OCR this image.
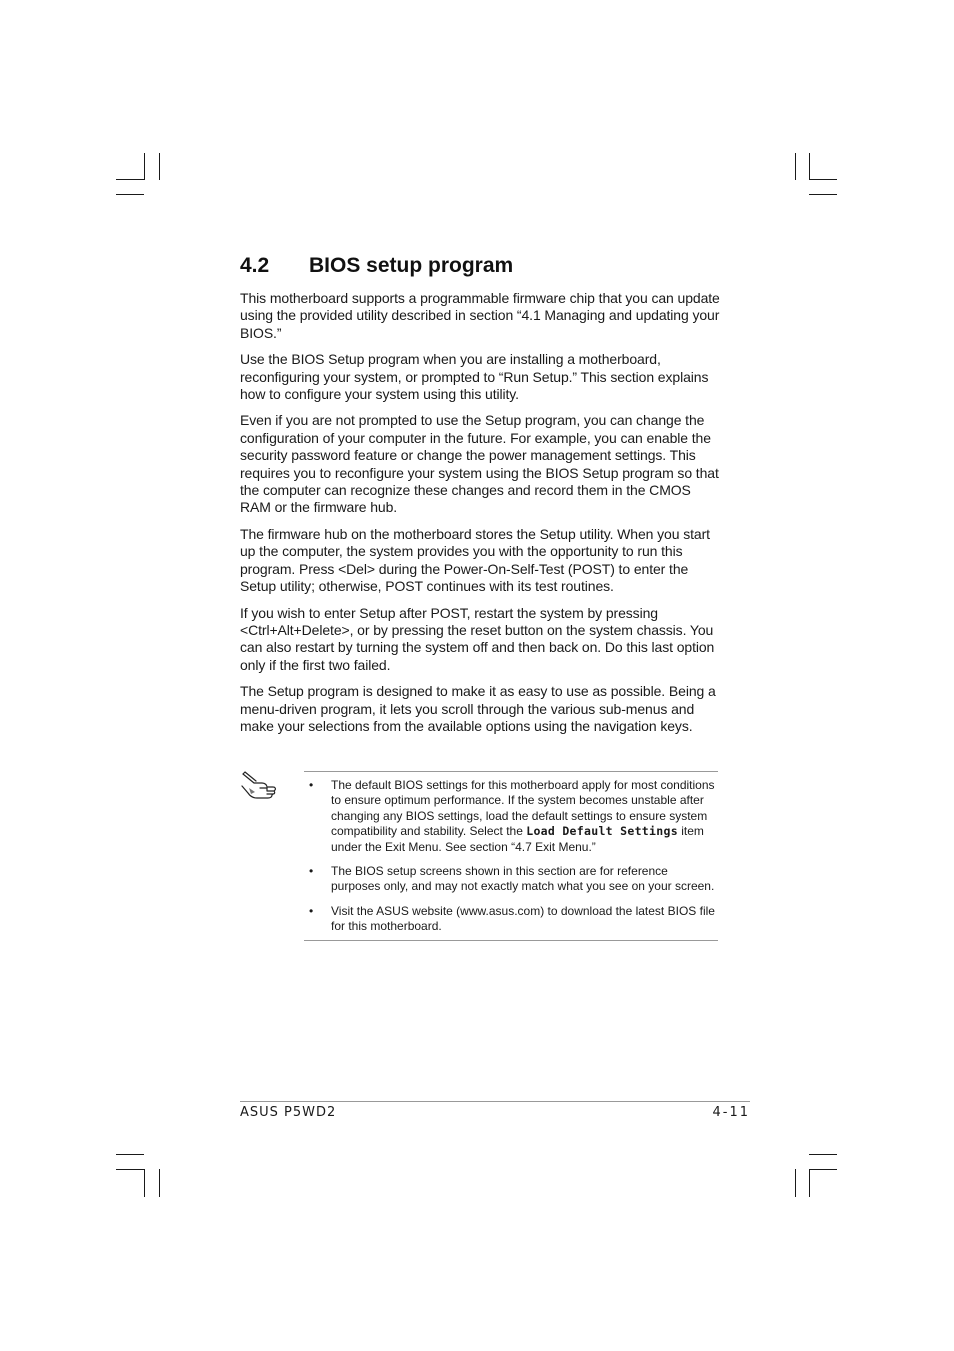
4.2 BIOS setup program

This motherboard supports a programmable firmware chip that you can update using the provided utility described in section “4.1 Managing and updating your BIOS.”

Use the BIOS Setup program when you are installing a motherboard, reconfiguring your system, or prompted to “Run Setup.” This section explains how to configure your system using this utility.

Even if you are not prompted to use the Setup program, you can change the configuration of your computer in the future. For example, you can enable the security password feature or change the power management settings. This requires you to reconfigure your system using the BIOS Setup program so that the computer can recognize these changes and record them in the CMOS RAM or the firmware hub.

The firmware hub on the motherboard stores the Setup utility. When you start up the computer, the system provides you with the opportunity to run this program. Press <Del> during the Power-On-Self-Test (POST) to enter the Setup utility; otherwise, POST continues with its test routines.

If you wish to enter Setup after POST, restart the system by pressing <Ctrl+Alt+Delete>, or by pressing the reset button on the system chassis. You can also restart by turning the system off and then back on. Do this last option only if the first two failed.

The Setup program is designed to make it as easy to use as possible. Being a menu-driven program, it lets you scroll through the various sub-menus and make your selections from the available options using the navigation keys.

• The default BIOS settings for this motherboard apply for most conditions to ensure optimum performance. If the system becomes unstable after changing any BIOS settings, load the default settings to ensure system compatibility and stability. Select the Load Default Settings item under the Exit Menu. See section “4.7 Exit Menu.”
• The BIOS setup screens shown in this section are for reference purposes only, and may not exactly match what you see on your screen.
• Visit the ASUS website (www.asus.com) to download the latest BIOS file for this motherboard.
ASUS P5WD2	4-11
